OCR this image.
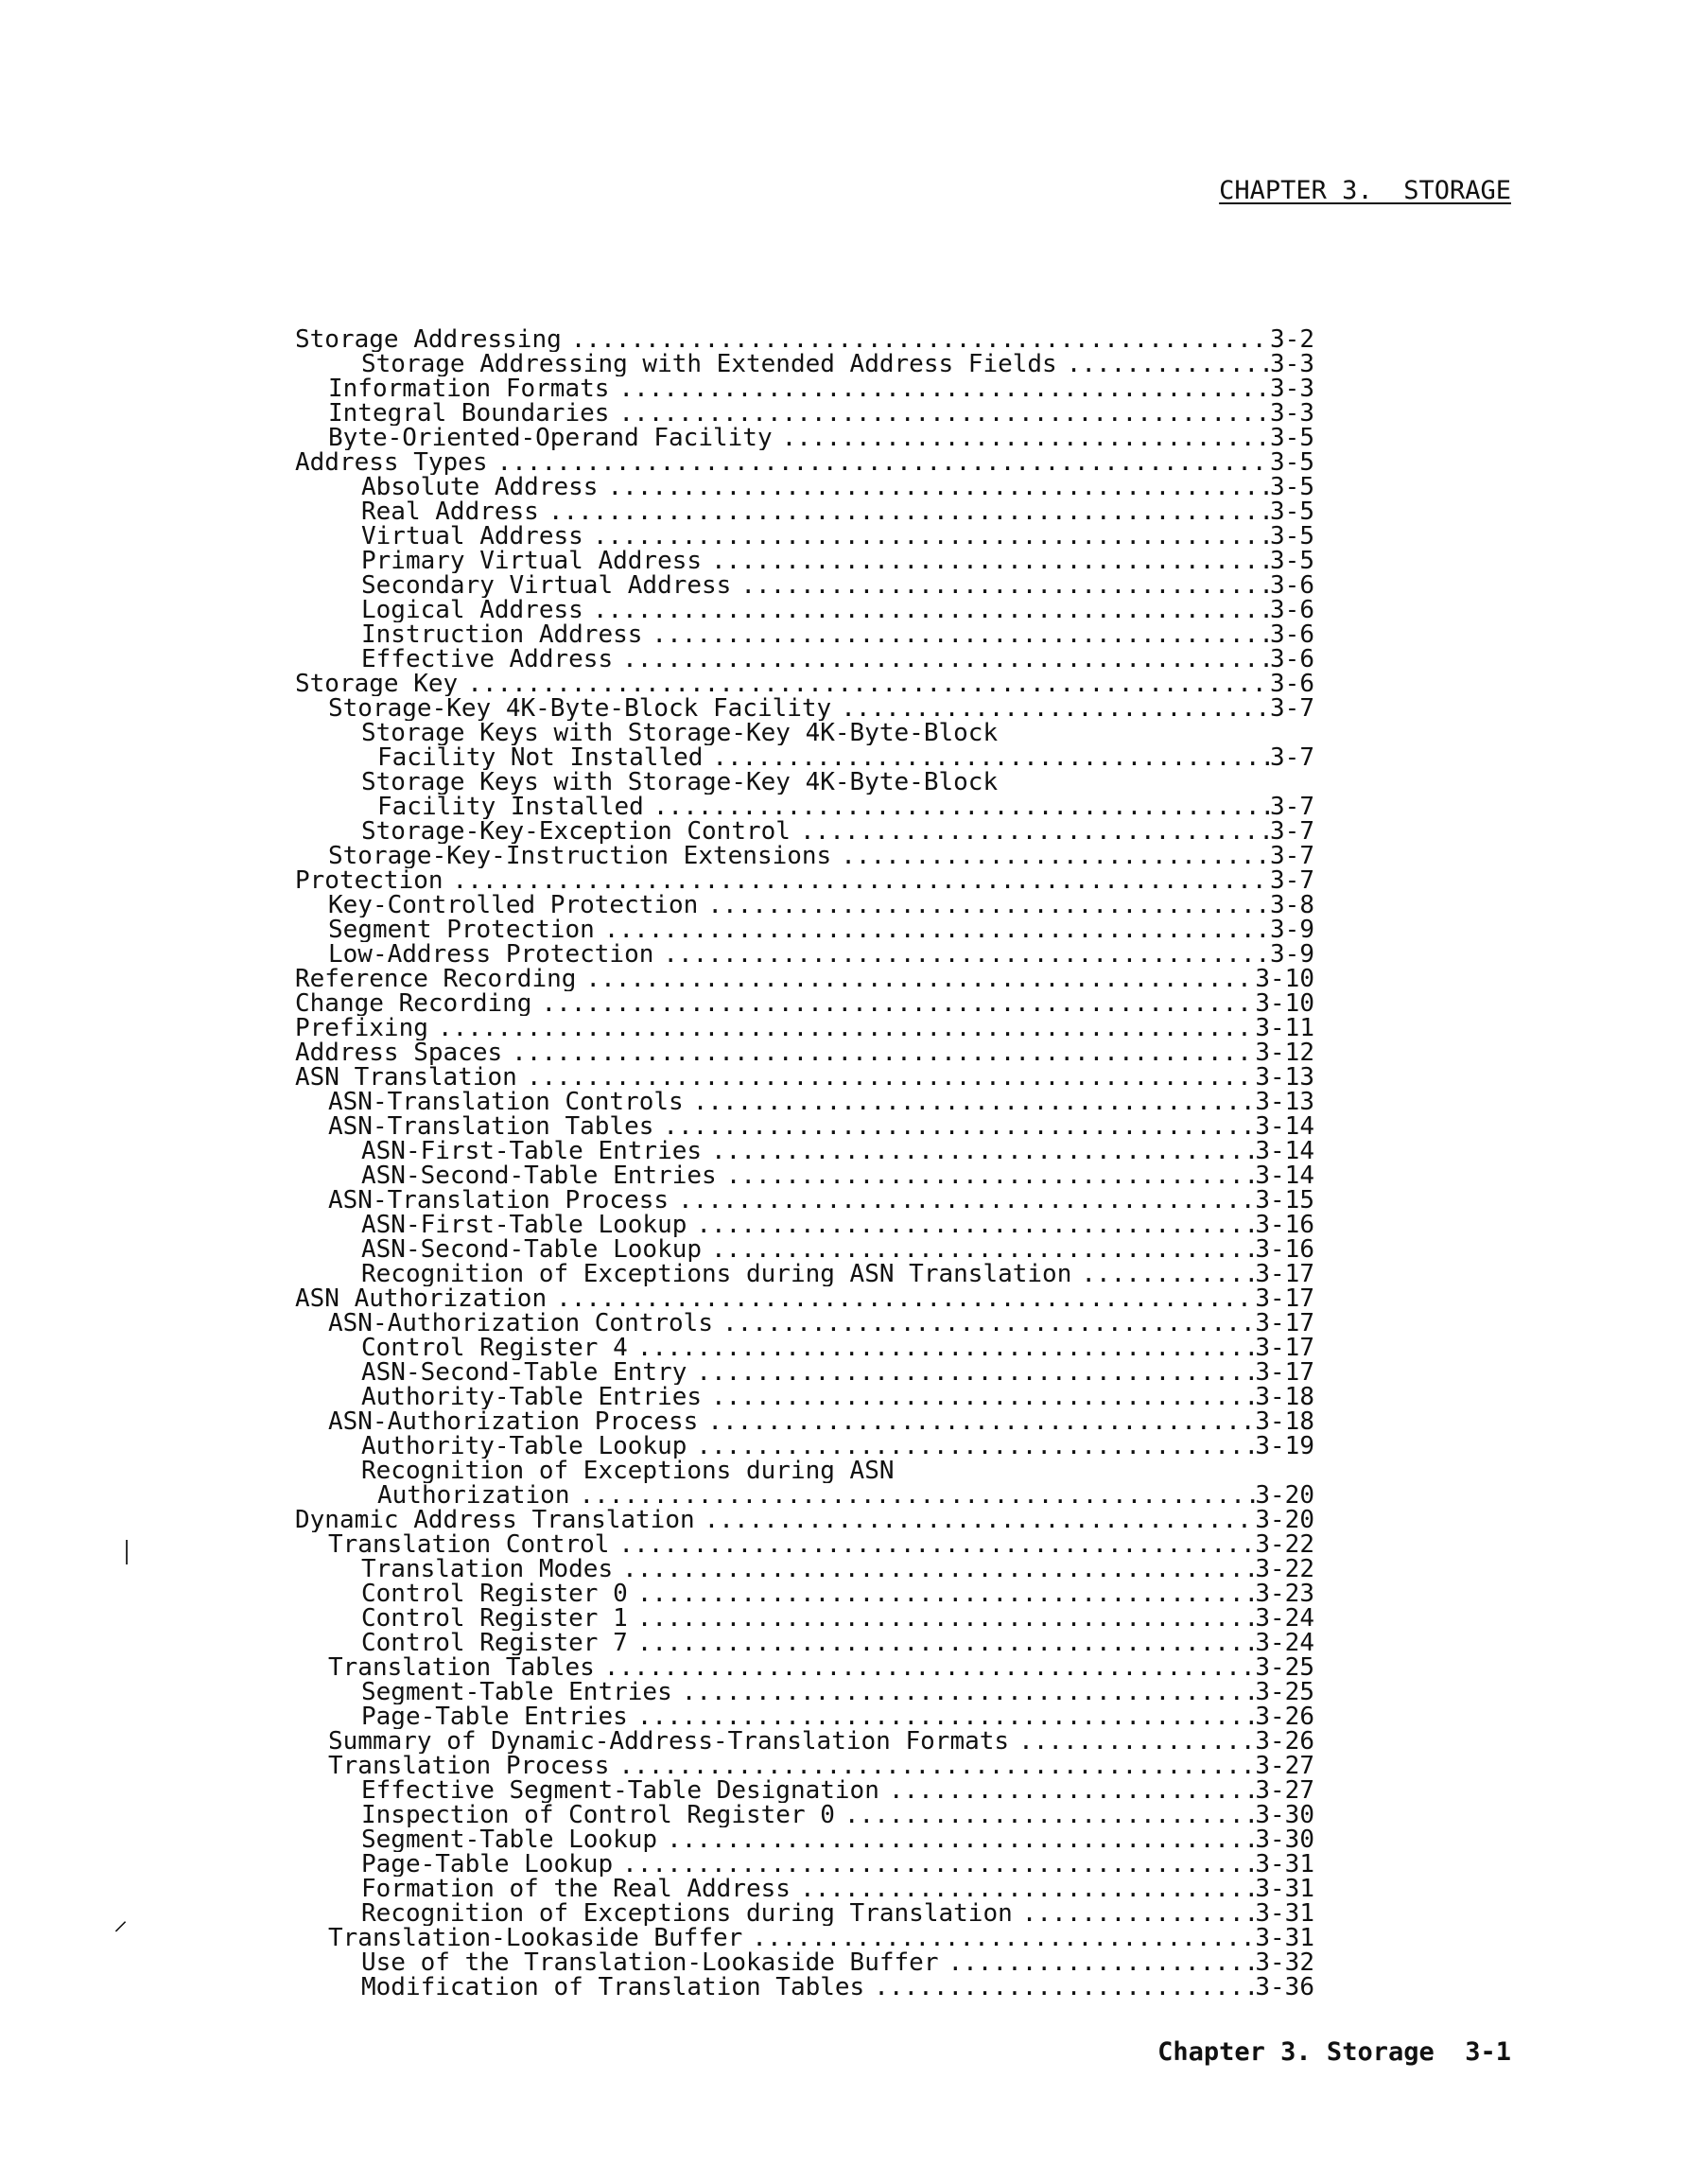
CHAPTER 3.  STORAGE
Storage Addressing .....	3-2
Storage Addressing with Extended Address Fields .....	3-3
Information Formats .....	3-3
Integral Boundaries .....	3-3
Byte-Oriented-Operand Facility .....	3-5
Address Types .....	3-5
Absolute Address .....	3-5
Real Address .....	3-5
Virtual Address .....	3-5
Primary Virtual Address .....	3-5
Secondary Virtual Address .....	3-6
Logical Address .....	3-6
Instruction Address .....	3-6
Effective Address .....	3-6
Storage Key .....	3-6
Storage-Key 4K-Byte-Block Facility .....	3-7
Storage Keys with Storage-Key 4K-Byte-Block
Facility Not Installed .....	3-7
Storage Keys with Storage-Key 4K-Byte-Block
Facility Installed .....	3-7
Storage-Key-Exception Control .....	3-7
Storage-Key-Instruction Extensions .....	3-7
Protection .....	3-7
Key-Controlled Protection .....	3-8
Segment Protection .....	3-9
Low-Address Protection .....	3-9
Reference Recording .....	3-10
Change Recording .....	3-10
Prefixing .....	3-11
Address Spaces .....	3-12
ASN Translation .....	3-13
ASN-Translation Controls .....	3-13
ASN-Translation Tables .....	3-14
ASN-First-Table Entries .....	3-14
ASN-Second-Table Entries .....	3-14
ASN-Translation Process .....	3-15
ASN-First-Table Lookup .....	3-16
ASN-Second-Table Lookup .....	3-16
Recognition of Exceptions during ASN Translation .....	3-17
ASN Authorization .....	3-17
ASN-Authorization Controls .....	3-17
Control Register 4 .....	3-17
ASN-Second-Table Entry .....	3-17
Authority-Table Entries .....	3-18
ASN-Authorization Process .....	3-18
Authority-Table Lookup .....	3-19
Recognition of Exceptions during ASN
Authorization .....	3-20
Dynamic Address Translation .....	3-20
Translation Control .....	3-22
Translation Modes .....	3-22
Control Register 0 .....	3-23
Control Register 1 .....	3-24
Control Register 7 .....	3-24
Translation Tables .....	3-25
Segment-Table Entries .....	3-25
Page-Table Entries .....	3-26
Summary of Dynamic-Address-Translation Formats .....	3-26
Translation Process .....	3-27
Effective Segment-Table Designation .....	3-27
Inspection of Control Register 0 .....	3-30
Segment-Table Lookup .....	3-30
Page-Table Lookup .....	3-31
Formation of the Real Address .....	3-31
Recognition of Exceptions during Translation .....	3-31
Translation-Lookaside Buffer .....	3-31
Use of the Translation-Lookaside Buffer .....	3-32
Modification of Translation Tables .....	3-36
⸝
Chapter 3. Storage  3-1
